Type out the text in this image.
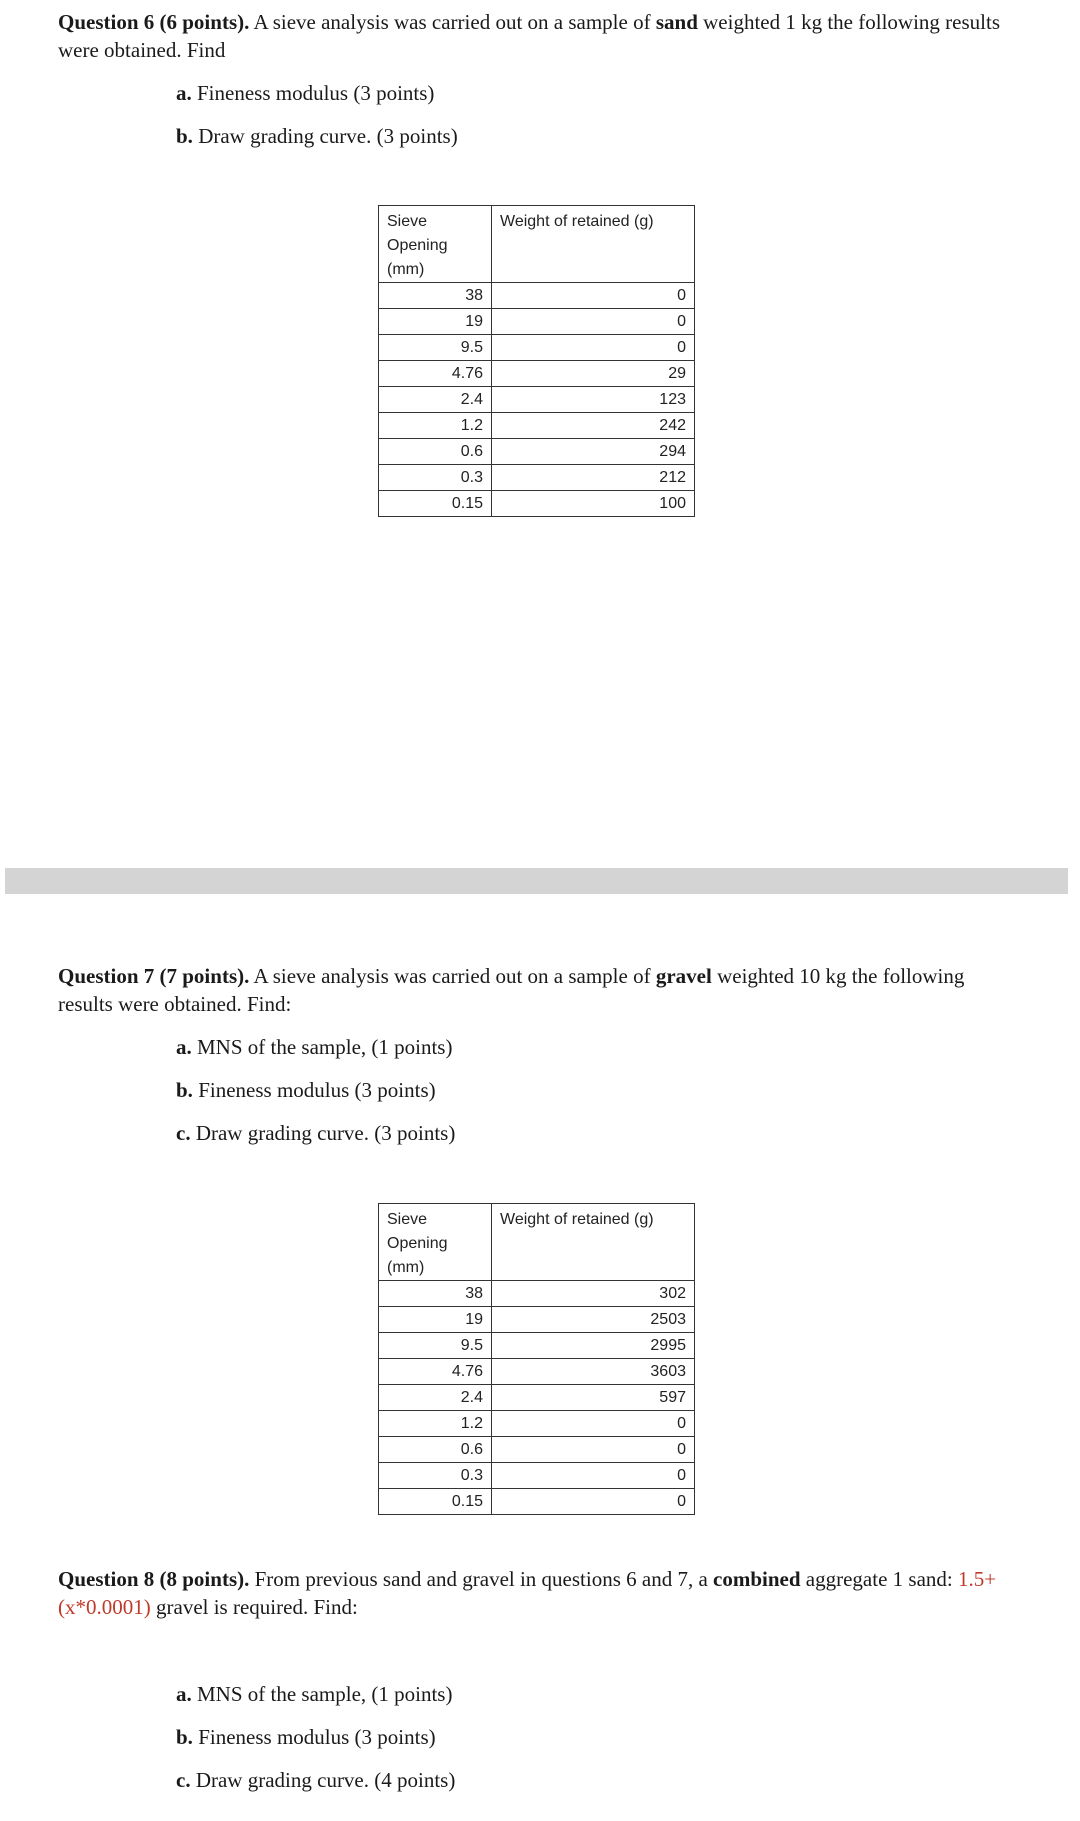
Question 6 (6 points). A sieve analysis was carried out on a sample of sand weighted 1 kg the following results were obtained. Find
a. Fineness modulus (3 points)
b. Draw grading curve. (3 points)
Sieve Opening (mm)	Weight of retained (g)
38	0
19	0
9.5	0
4.76	29
2.4	123
1.2	242
0.6	294
0.3	212
0.15	100
Question 7 (7 points). A sieve analysis was carried out on a sample of gravel weighted 10 kg the following results were obtained. Find:
a. MNS of the sample, (1 points)
b. Fineness modulus (3 points)
c. Draw grading curve. (3 points)
Sieve Opening (mm)	Weight of retained (g)
38	302
19	2503
9.5	2995
4.76	3603
2.4	597
1.2	0
0.6	0
0.3	0
0.15	0
Question 8 (8 points). From previous sand and gravel in questions 6 and 7, a combined aggregate 1 sand: 1.5+(x*0.0001) gravel is required. Find:
a. MNS of the sample, (1 points)
b. Fineness modulus (3 points)
c. Draw grading curve. (4 points)
